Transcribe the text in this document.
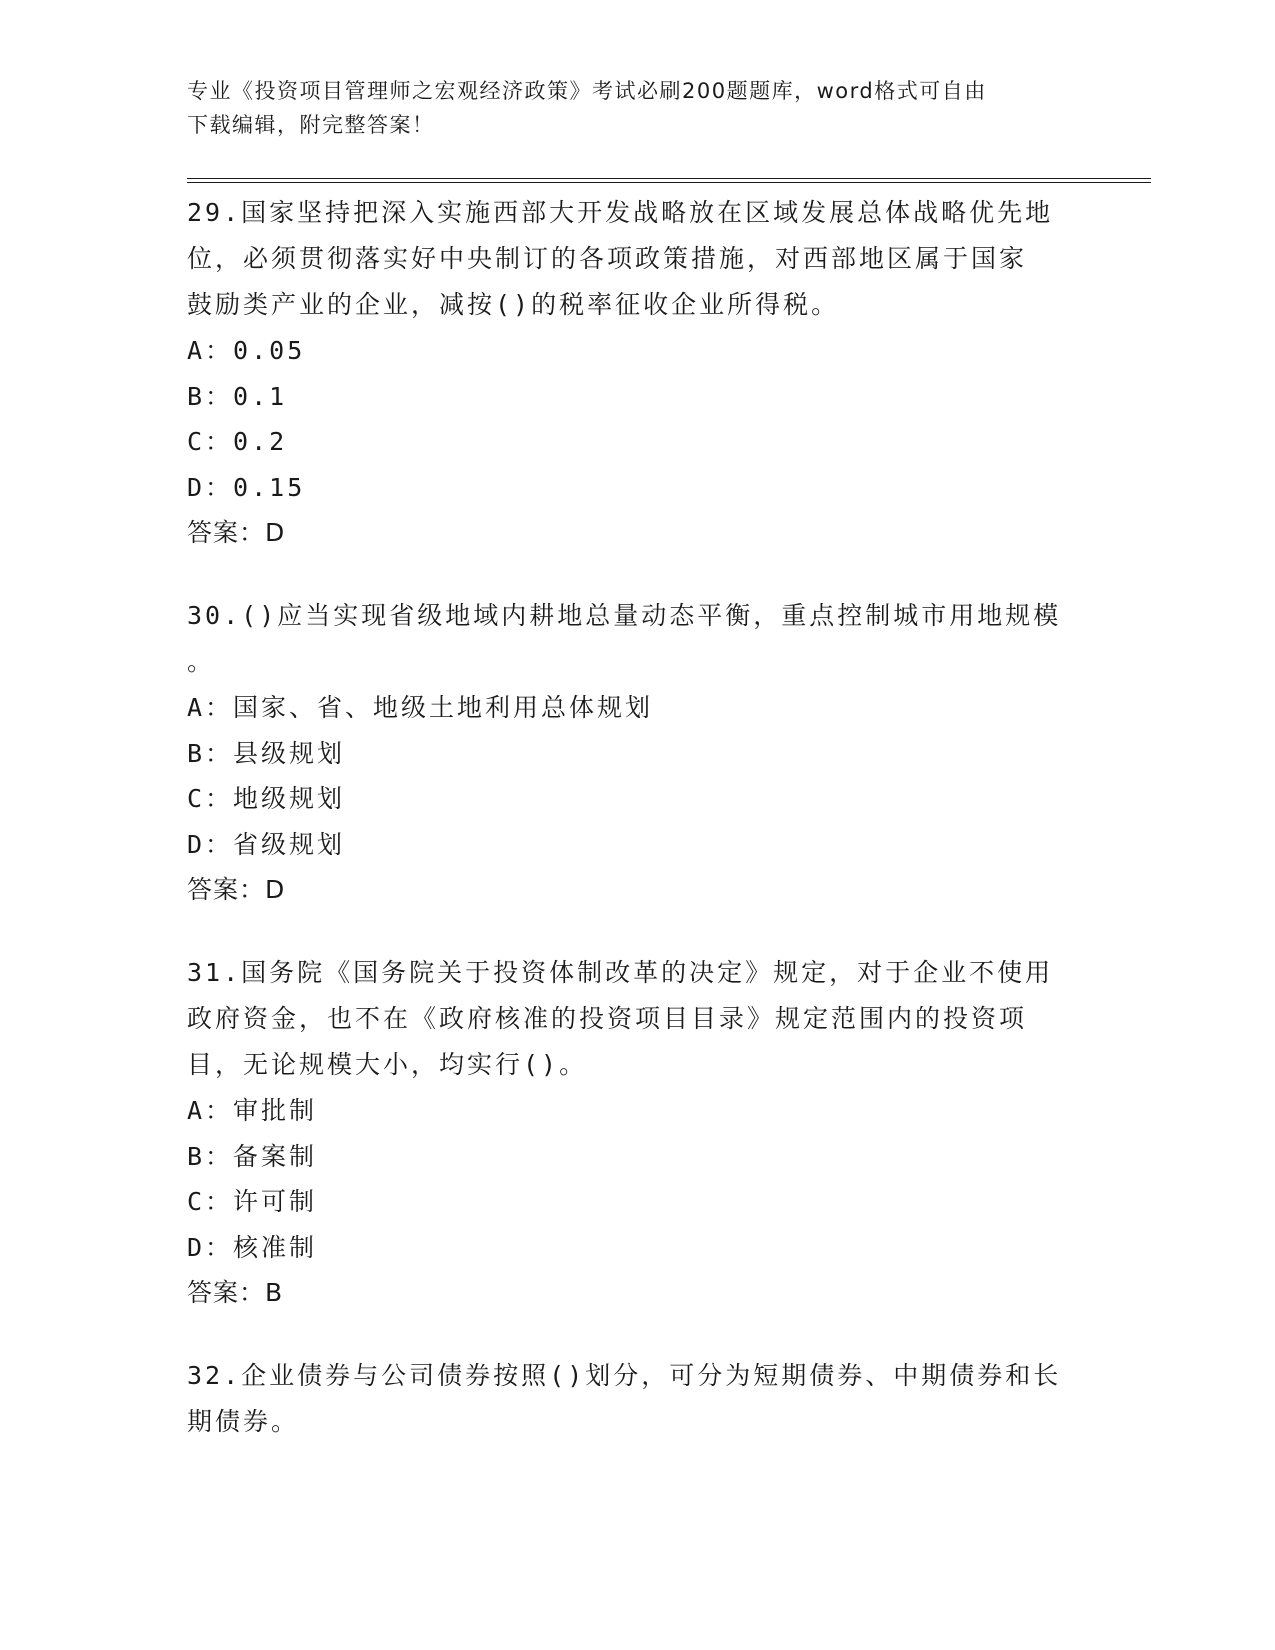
专业《投资项目管理师之宏观经济政策》考试必刷200题题库，word格式可自由
下载编辑，附完整答案！

29.国家坚持把深入实施西部大开发战略放在区域发展总体战略优先地

位，必须贯彻落实好中央制订的各项政策措施，对西部地区属于国家

鼓励类产业的企业，减按()的税率征收企业所得税。

A：0.05

B：0.1

C：0.2

D：0.15

答案：D

30.()应当实现省级地域内耕地总量动态平衡，重点控制城市用地规模

。

A：国家、省、地级土地利用总体规划

B：县级规划

C：地级规划

D：省级规划

答案：D

31.国务院《国务院关于投资体制改革的决定》规定，对于企业不使用

政府资金，也不在《政府核准的投资项目目录》规定范围内的投资项

目，无论规模大小，均实行()。

A：审批制

B：备案制

C：许可制

D：核准制

答案：B

32.企业债券与公司债券按照()划分，可分为短期债券、中期债券和长

期债券。
